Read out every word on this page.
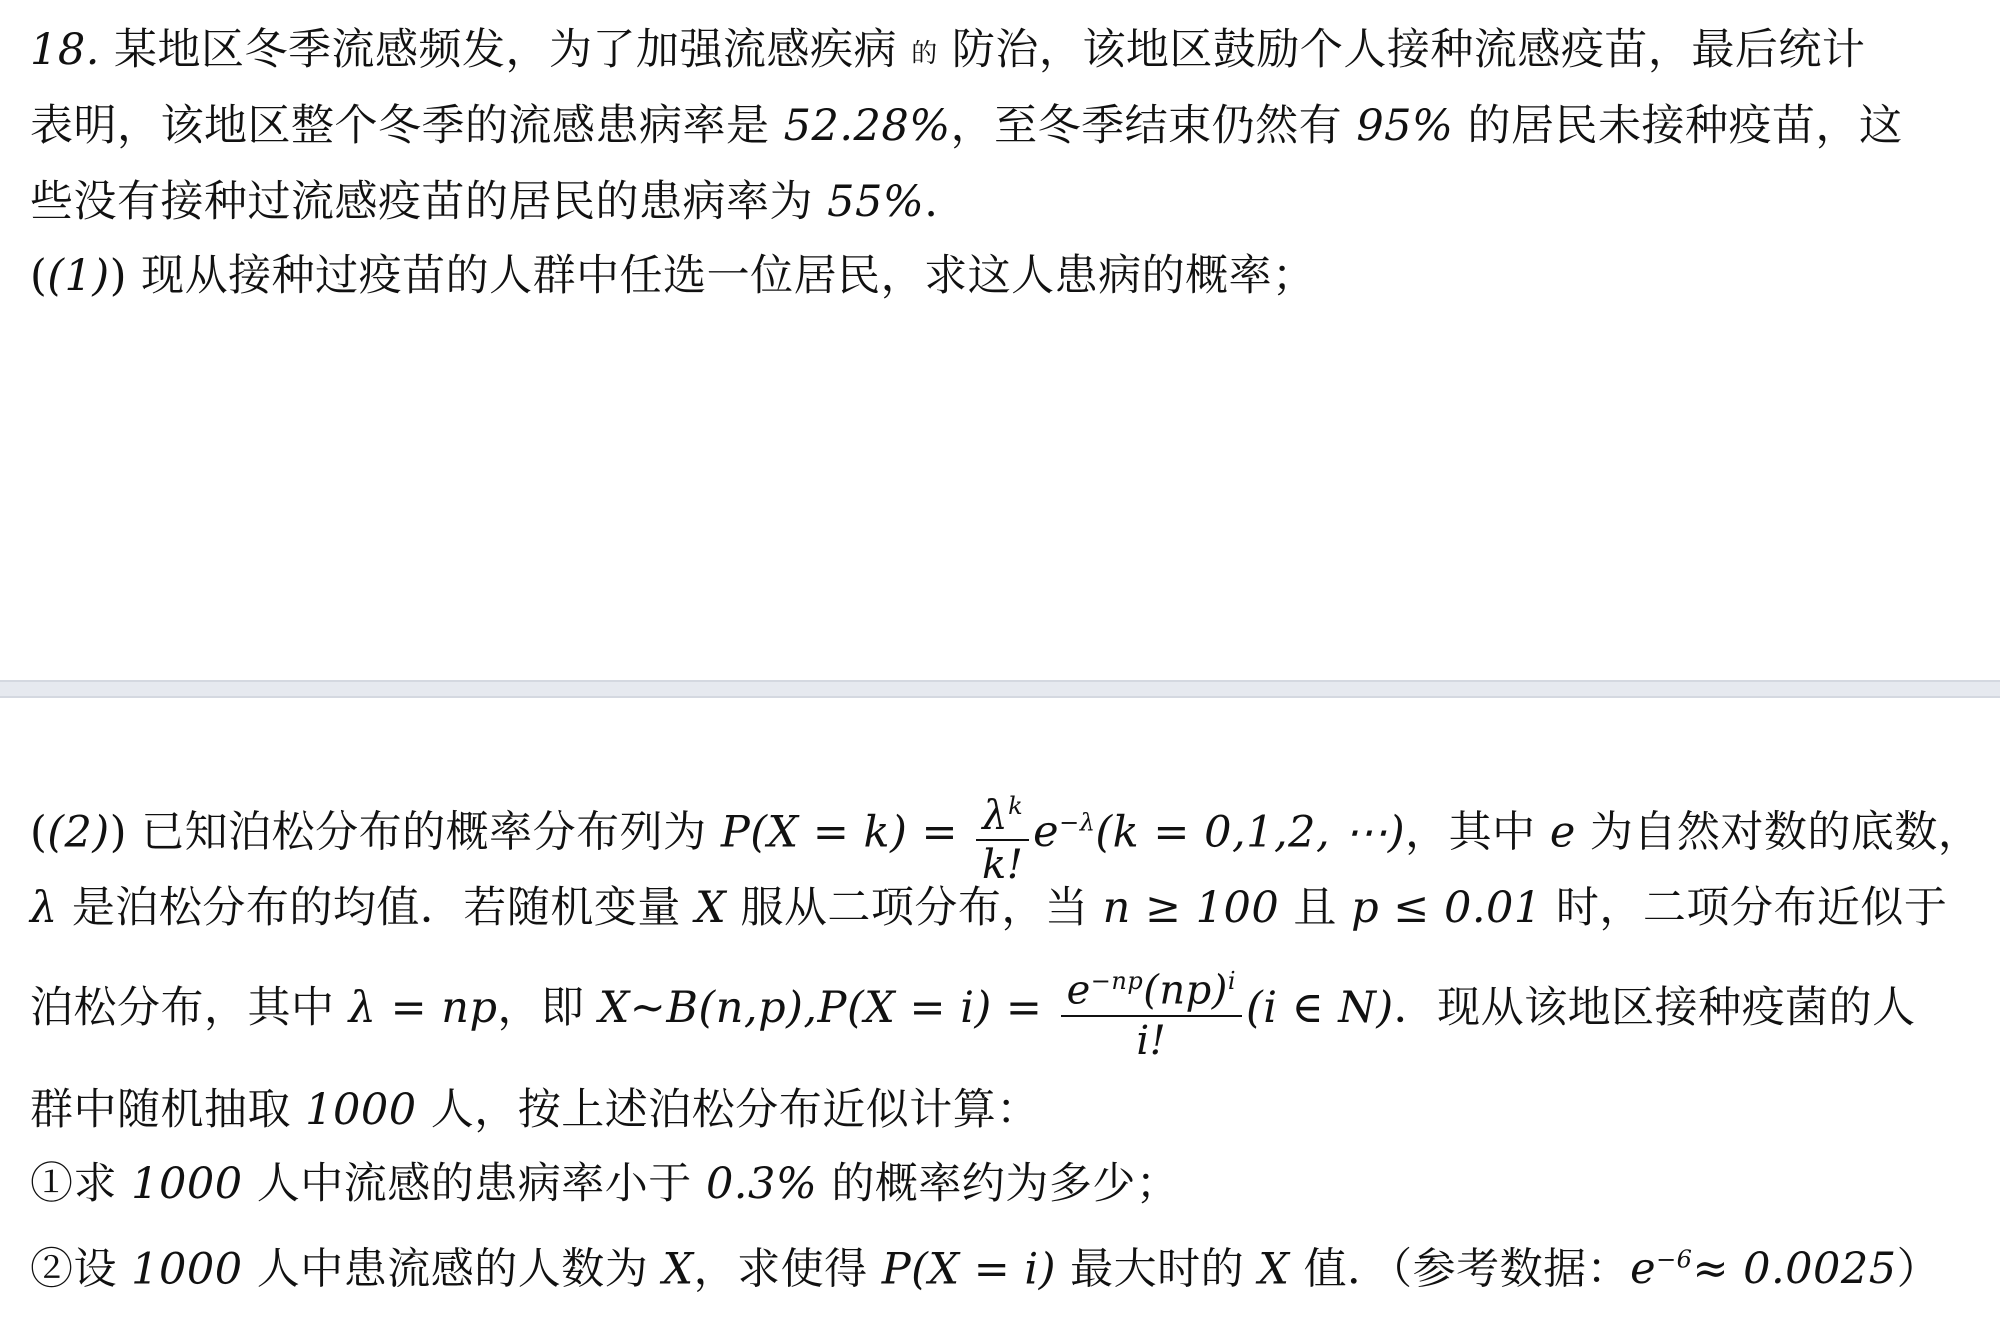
18. 某地区冬季流感频发，为了加强流感疾病 的 防治，该地区鼓励个人接种流感疫苗，最后统计
表明，该地区整个冬季的流感患病率是 52.28%，至冬季结束仍然有 95% 的居民未接种疫苗，这
些没有接种过流感疫苗的居民的患病率为 55%.
((1)) 现从接种过疫苗的人群中任选一位居民，求这人患病的概率；
((2)) 已知泊松分布的概率分布列为 $P(X = k) = \frac{\lambda^k}{k!} e^{-\lambda}(k = 0,1,2$, ⋯)，其中 e 为自然对数的底数，
λ 是泊松分布的均值．若随机变量 X 服从二项分布，当 n ≥ 100 且 p ≤ 0.01 时，二项分布近似于
泊松分布，其中 λ = np，即 X~B(n,p),P(X = $i) = \frac{e^{-np}(np)^i}{i!} (i$ ∈ N)．现从该地区接种疫菌的人
群中随机抽取 1000 人，按上述泊松分布近似计算：
①求 1000 人中流感的患病率小于 0.3% 的概率约为多少；
②设 1000 人中患流感的人数为 X，求使得 P(X = i) 最大时的 X 值．（参考数据：$e^{-6}\approx 0.0025$）
